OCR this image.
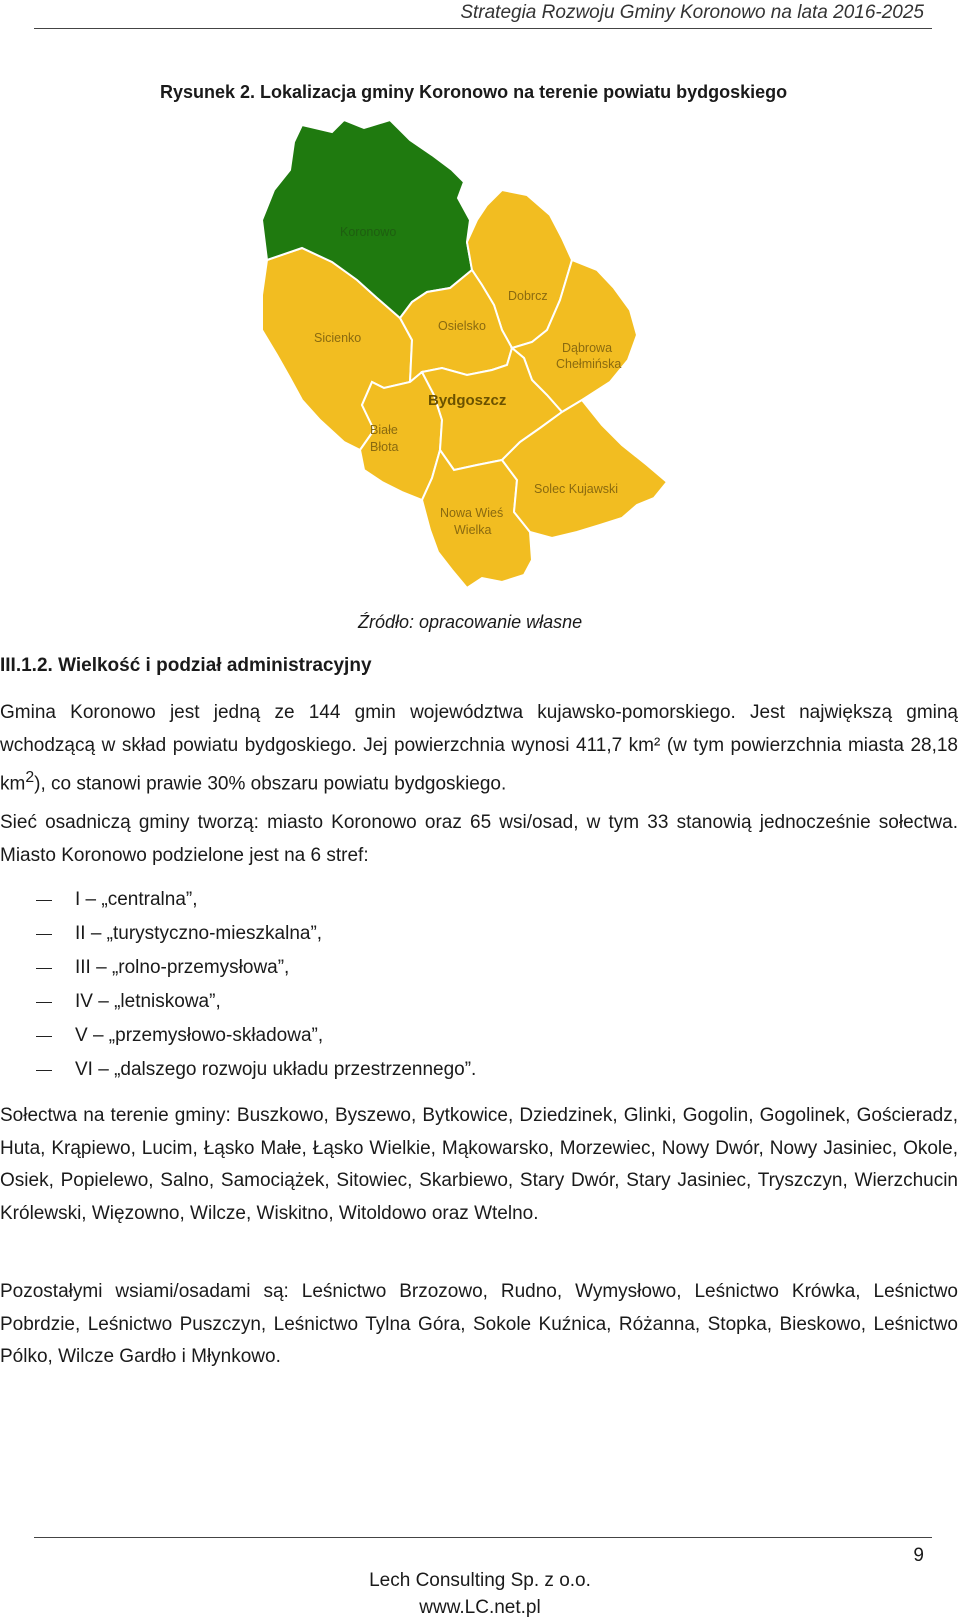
Strategia Rozwoju Gminy Koronowo na lata 2016-2025
Rysunek 2. Lokalizacja gminy Koronowo na terenie powiatu bydgoskiego
Koronowo
Dobrcz
Sicienko
Osielsko
Dąbrowa
Chełmińska
Bydgoszcz
Białe
Błota
Solec Kujawski
Nowa Wieś
Wielka
Źródło: opracowanie własne
III.1.2. Wielkość i podział administracyjny

Gmina Koronowo jest jedną ze 144 gmin województwa kujawsko-pomorskiego. Jest największą gminą wchodzącą w skład powiatu bydgoskiego. Jej powierzchnia wynosi 411,7 km² (w tym powierzchnia miasta 28,18 $km^2$), co stanowi prawie 30% obszaru powiatu bydgoskiego.

Sieć osadniczą gminy tworzą: miasto Koronowo oraz 65 wsi/osad, w tym 33 stanowią jednocześnie sołectwa. Miasto Koronowo podzielone jest na 6 stref:

I – „centralna”,
II – „turystyczno-mieszkalna”,
III – „rolno-przemysłowa”,
IV – „letniskowa”,
V – „przemysłowo-składowa”,
VI – „dalszego rozwoju układu przestrzennego”.

Sołectwa na terenie gminy: Buszkowo, Byszewo, Bytkowice, Dziedzinek, Glinki, Gogolin, Gogolinek, Gościeradz, Huta, Krąpiewo, Lucim, Łąsko Małe, Łąsko Wielkie, Mąkowarsko, Morzewiec, Nowy Dwór, Nowy Jasiniec, Okole, Osiek, Popielewo, Salno, Samociążek, Sitowiec, Skarbiewo, Stary Dwór, Stary Jasiniec, Tryszczyn, Wierzchucin Królewski, Więzowno, Wilcze, Wiskitno, Witoldowo oraz Wtelno.

Pozostałymi wsiami/osadami są: Leśnictwo Brzozowo, Rudno, Wymysłowo, Leśnictwo Krówka, Leśnictwo Pobrdzie, Leśnictwo Puszczyn, Leśnictwo Tylna Góra, Sokole Kuźnica, Różanna, Stopka, Bieskowo, Leśnictwo Pólko, Wilcze Gardło i Młynkowo.

9
Lech Consulting Sp. z o.o.
www.LC.net.pl
